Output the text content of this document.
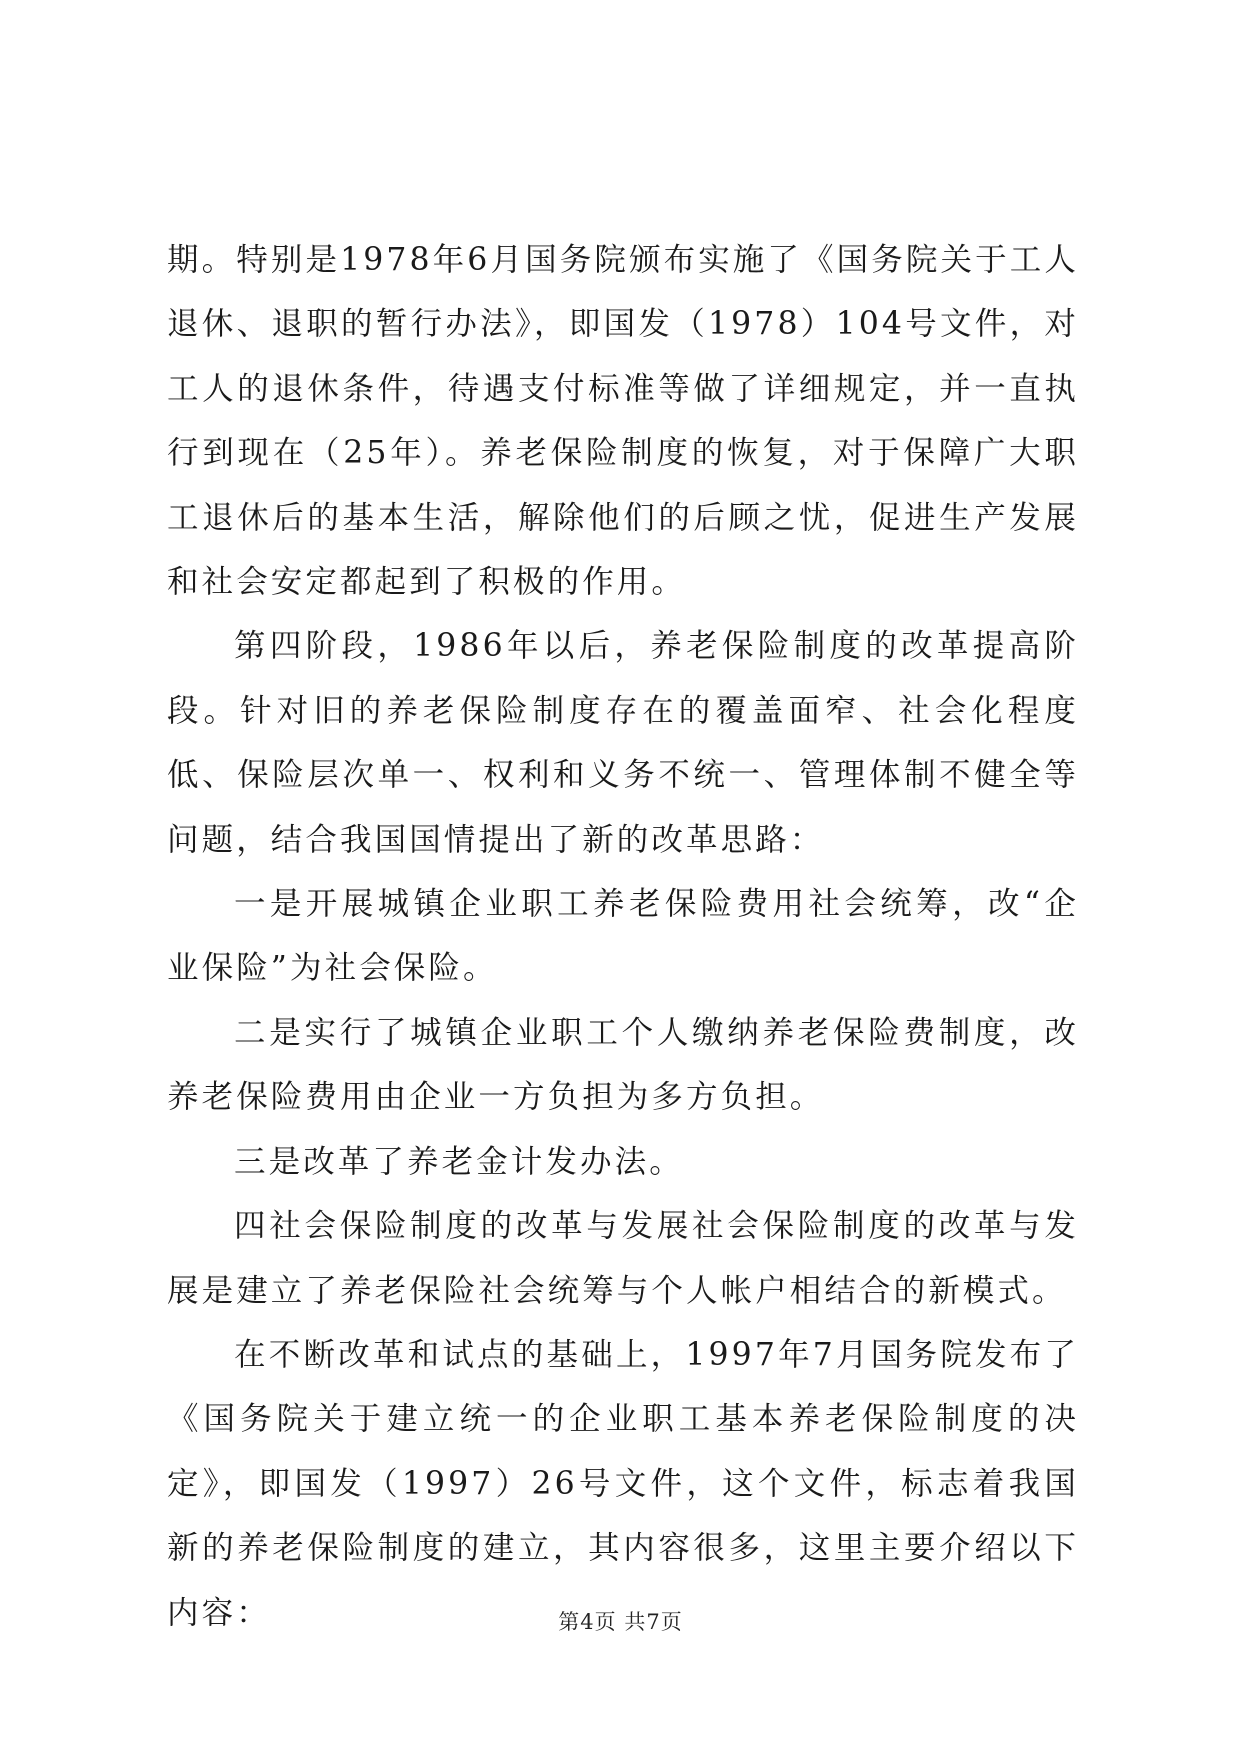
期。特别是1978年6月国务院颁布实施了《国务院关于工人退休、退职的暂行办法》，即国发（1978）104号文件，对工人的退休条件，待遇支付标准等做了详细规定，并一直执行到现在（25年）。养老保险制度的恢复，对于保障广大职工退休后的基本生活，解除他们的后顾之忧，促进生产发展和社会安定都起到了积极的作用。

第四阶段，1986年以后，养老保险制度的改革提高阶段。针对旧的养老保险制度存在的覆盖面窄、社会化程度低、保险层次单一、权利和义务不统一、管理体制不健全等问题，结合我国国情提出了新的改革思路：

一是开展城镇企业职工养老保险费用社会统筹，改“企业保险”为社会保险。

二是实行了城镇企业职工个人缴纳养老保险费制度，改养老保险费用由企业一方负担为多方负担。

三是改革了养老金计发办法。

四社会保险制度的改革与发展社会保险制度的改革与发展是建立了养老保险社会统筹与个人帐户相结合的新模式。

在不断改革和试点的基础上，1997年7月国务院发布了《国务院关于建立统一的企业职工基本养老保险制度的决定》，即国发（1997）26号文件，这个文件，标志着我国新的养老保险制度的建立，其内容很多，这里主要介绍以下内容：	第4页 共7页
